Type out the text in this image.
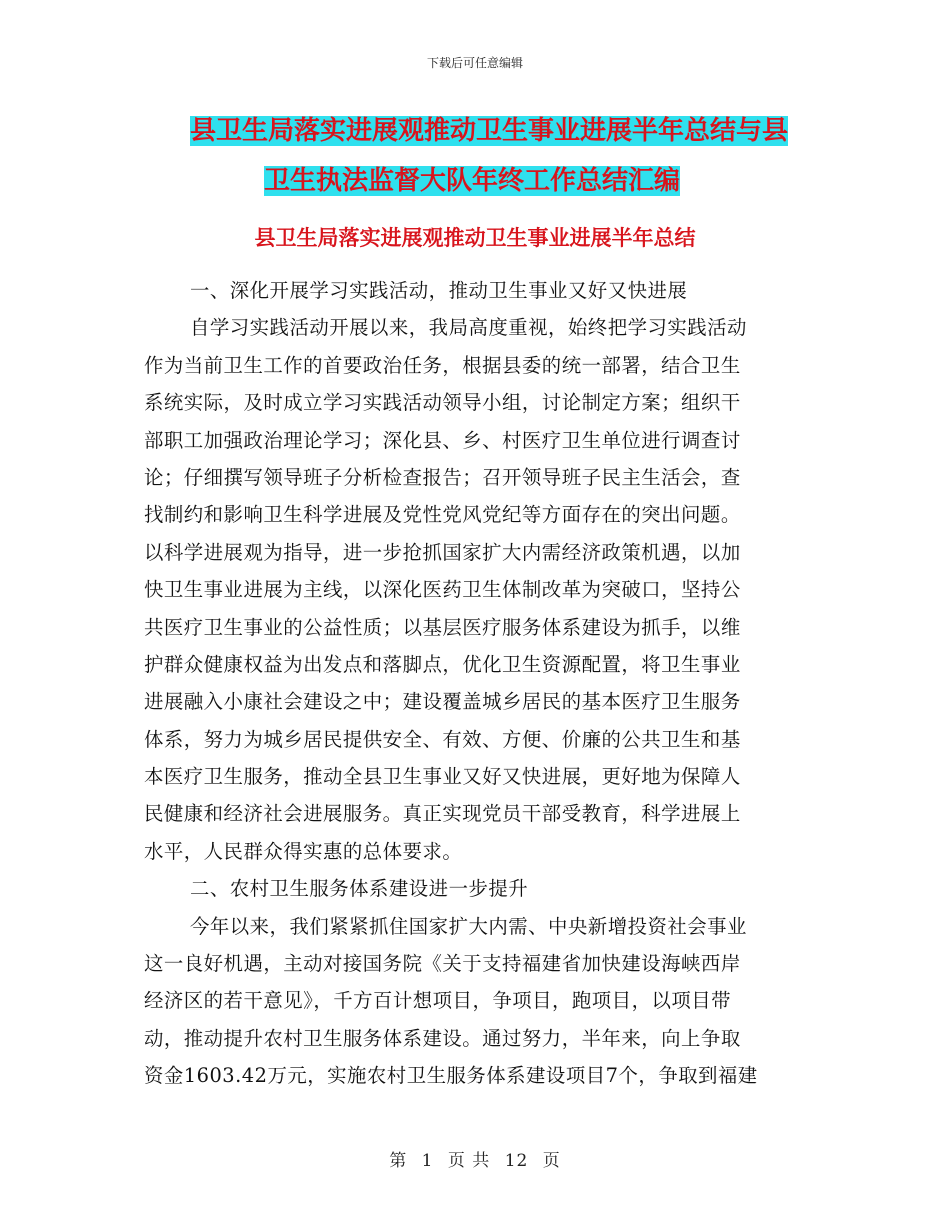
下载后可任意编辑
县卫生局落实进展观推动卫生事业进展半年总结与县
卫生执法监督大队年终工作总结汇编
县卫生局落实进展观推动卫生事业进展半年总结
一、深化开展学习实践活动，推动卫生事业又好又快进展
自学习实践活动开展以来，我局高度重视，始终把学习实践活动
作为当前卫生工作的首要政治任务，根据县委的统一部署，结合卫生
系统实际，及时成立学习实践活动领导小组，讨论制定方案；组织干
部职工加强政治理论学习；深化县、乡、村医疗卫生单位进行调查讨
论；仔细撰写领导班子分析检查报告；召开领导班子民主生活会，查
找制约和影响卫生科学进展及党性党风党纪等方面存在的突出问题。
以科学进展观为指导，进一步抢抓国家扩大内需经济政策机遇，以加
快卫生事业进展为主线，以深化医药卫生体制改革为突破口，坚持公
共医疗卫生事业的公益性质；以基层医疗服务体系建设为抓手，以维
护群众健康权益为出发点和落脚点，优化卫生资源配置，将卫生事业
进展融入小康社会建设之中；建设覆盖城乡居民的基本医疗卫生服务
体系，努力为城乡居民提供安全、有效、方便、价廉的公共卫生和基
本医疗卫生服务，推动全县卫生事业又好又快进展，更好地为保障人
民健康和经济社会进展服务。真正实现党员干部受教育，科学进展上
水平，人民群众得实惠的总体要求。
二、农村卫生服务体系建设进一步提升
今年以来，我们紧紧抓住国家扩大内需、中央新增投资社会事业
这一良好机遇，主动对接国务院《关于支持福建省加快建设海峡西岸
经济区的若干意见》，千方百计想项目，争项目，跑项目，以项目带
动，推动提升农村卫生服务体系建设。通过努力，半年来，向上争取
资金1603.42万元，实施农村卫生服务体系建设项目7个，争取到福建
第 1 页 共 12 页
